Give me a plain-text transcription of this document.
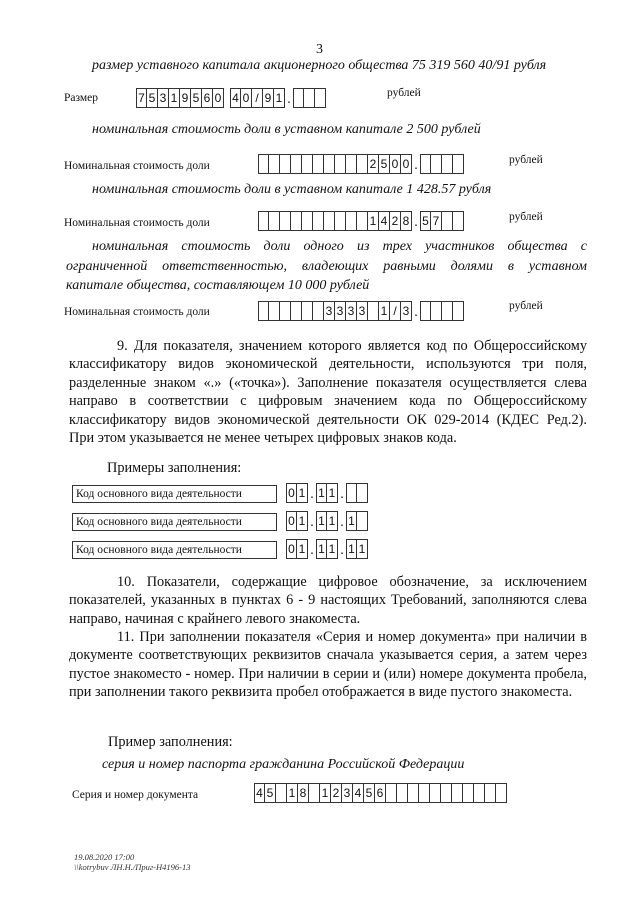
3
размер уставного капитала акционерного общества 75 319 560 40/91 рубля
Размер	7 5 3 1 9 5 6 0 4 0 / 9 1 .	рублей
номинальная стоимость доли в уставном капитале 2 500 рублей
Номинальная стоимость доли	2 5 0 0 .	рублей
номинальная стоимость доли в уставном капитале 1 428.57 рубля
Номинальная стоимость доли	1 4 2 8 . 5 7	рублей
номинальная стоимость доли одного из трех участников общества с
ограниченной ответственностью, владеющих равными долями в уставном
капитале общества, составляющем 10 000 рублей
Номинальная стоимость доли	3 3 3 3 1 / 3 .	рублей
9. Для показателя, значением которого является код по Общероссийскому классификатору видов экономической деятельности, используются три поля, разделенные знаком «.» («точка»). Заполнение показателя осуществляется слева направо в соответствии с цифровым значением кода по Общероссийскому классификатору видов экономической деятельности ОК 029-2014 (КДЕС Ред.2). При этом указывается не менее четырех цифровых знаков кода.
Примеры заполнения:
Код основного вида деятельности	0 1 . 1 1 .
Код основного вида деятельности	0 1 . 1 1 . 1
Код основного вида деятельности	0 1 . 1 1 . 1 1
10. Показатели, содержащие цифровое обозначение, за исключением показателей, указанных в пунктах 6 - 9 настоящих Требований, заполняются слева направо, начиная с крайнего левого знакоместа.
11. При заполнении показателя «Серия и номер документа» при наличии в документе соответствующих реквизитов сначала указывается серия, а затем через пустое знакоместо - номер. При наличии в серии и (или) номере документа пробела, при заполнении такого реквизита пробел отображается в виде пустого знакоместа.
Пример заполнения:
серия и номер паспорта гражданина Российской Федерации
Серия и номер документа	4 5 1 8 1 2 3 4 5 6
19.08.2020 17:00
\\kotrybuv ЛН.Н./Приг-Н4196-13
